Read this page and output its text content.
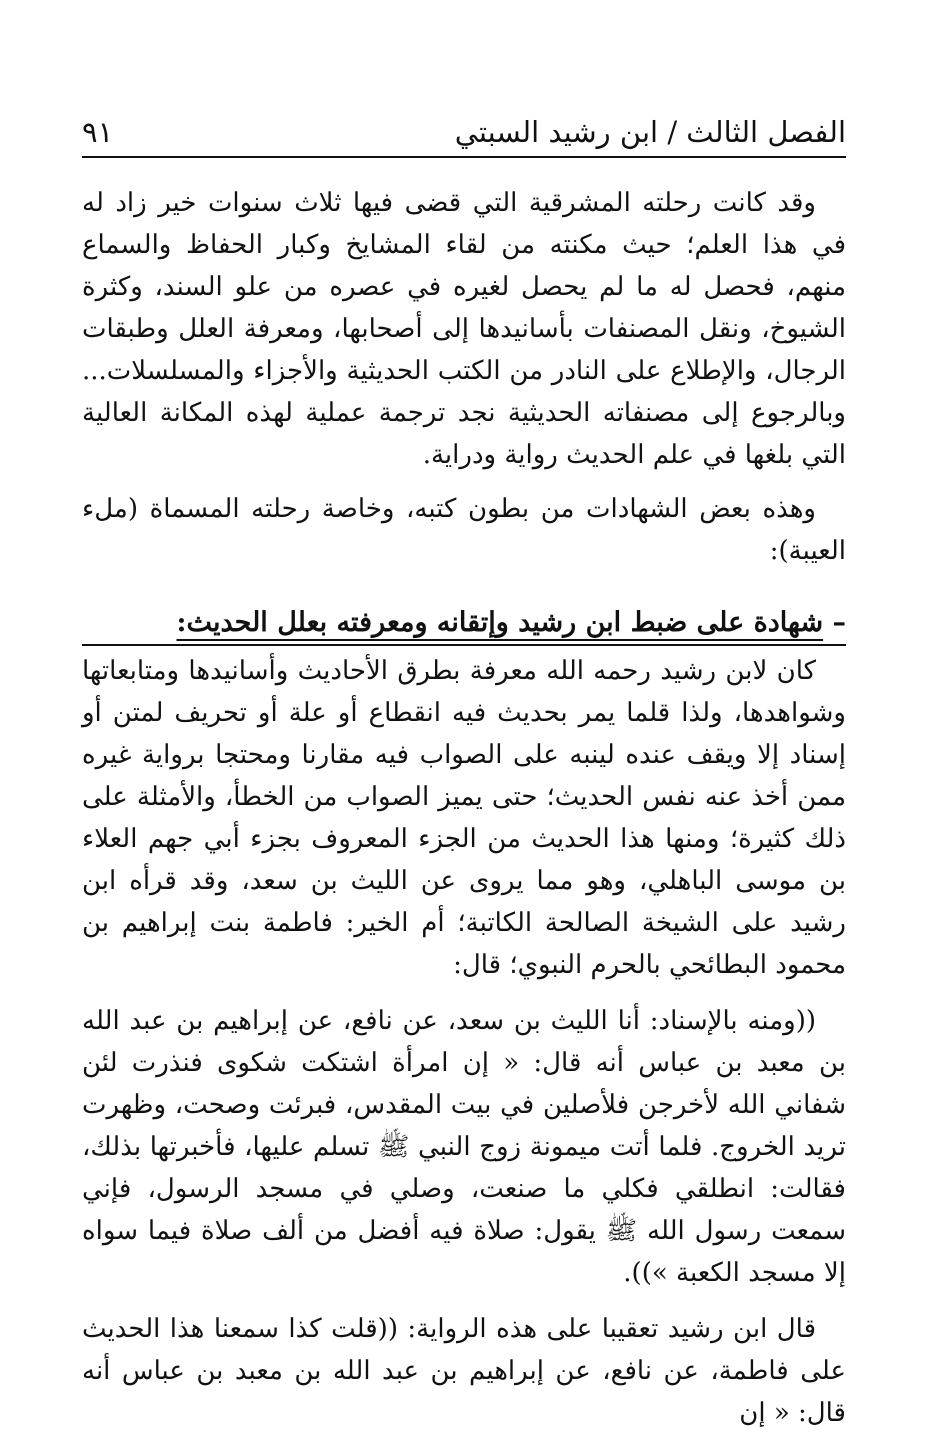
الفصل الثالث / ابن رشيد السبتي
٩١

وقد كانت رحلته المشرقية التي قضى فيها ثلاث سنوات خير زاد له في هذا العلم؛ حيث مكنته من لقاء المشايخ وكبار الحفاظ والسماع منهم، فحصل له ما لم يحصل لغيره في عصره من علو السند، وكثرة الشيوخ، ونقل المصنفات بأسانيدها إلى أصحابها، ومعرفة العلل وطبقات الرجال، والإطلاع على النادر من الكتب الحديثية والأجزاء والمسلسلات... وبالرجوع إلى مصنفاته الحديثية نجد ترجمة عملية لهذه المكانة العالية التي بلغها في علم الحديث رواية ودراية.

وهذه بعض الشهادات من بطون كتبه، وخاصة رحلته المسماة (ملء العيبة):

– شهادة على ضبط ابن رشيد وإتقانه ومعرفته بعلل الحديث:

كان لابن رشيد رحمه الله معرفة بطرق الأحاديث وأسانيدها ومتابعاتها وشواهدها، ولذا قلما يمر بحديث فيه انقطاع أو علة أو تحريف لمتن أو إسناد إلا ويقف عنده لينبه على الصواب فيه مقارنا ومحتجا برواية غيره ممن أخذ عنه نفس الحديث؛ حتى يميز الصواب من الخطأ، والأمثلة على ذلك كثيرة؛ ومنها هذا الحديث من الجزء المعروف بجزء أبي جهم العلاء بن موسى الباهلي، وهو مما يروى عن الليث بن سعد، وقد قرأه ابن رشيد على الشيخة الصالحة الكاتبة؛ أم الخير: فاطمة بنت إبراهيم بن محمود البطائحي بالحرم النبوي؛ قال:

((ومنه بالإسناد: أنا الليث بن سعد، عن نافع، عن إبراهيم بن عبد الله بن معبد بن عباس أنه قال: « إن امرأة اشتكت شكوى فنذرت لئن شفاني الله لأخرجن فلأصلين في بيت المقدس، فبرئت وصحت، وظهرت تريد الخروج. فلما أتت ميمونة زوج النبي ﷺ تسلم عليها، فأخبرتها بذلك، فقالت: انطلقي فكلي ما صنعت، وصلي في مسجد الرسول، فإني سمعت رسول الله ﷺ يقول: صلاة فيه أفضل من ألف صلاة فيما سواه إلا مسجد الكعبة »)).

قال ابن رشيد تعقيبا على هذه الرواية: ((قلت كذا سمعنا هذا الحديث على فاطمة، عن نافع، عن إبراهيم بن عبد الله بن معبد بن عباس أنه قال: « إن
